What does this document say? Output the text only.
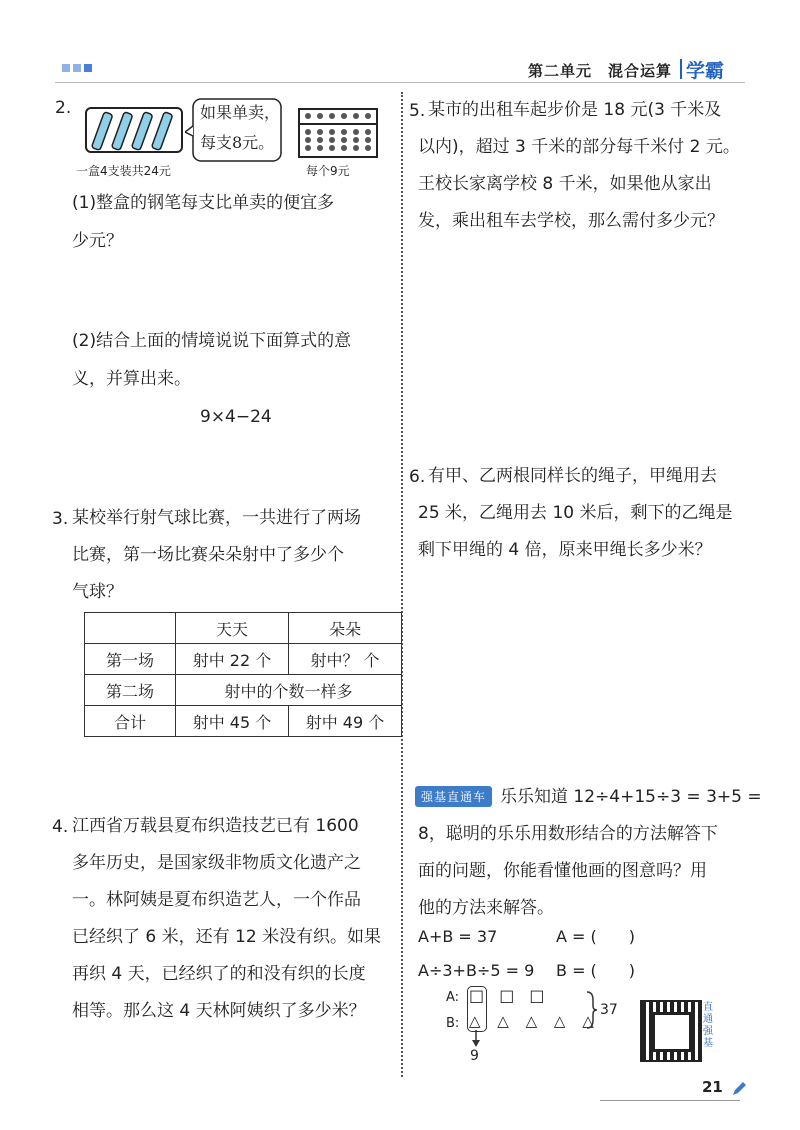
第二单元　混合运算 学霸
2.	如果单卖，
每支8元。
一盒4支装共24元	每个9元
(1)整盒的钢笔每支比单卖的便宜多
少元？
(2)结合上面的情境说说下面算式的意
义，并算出来。
9×4−24
3. 某校举行射气球比赛，一共进行了两场
比赛，第一场比赛朵朵射中了多少个
气球？
	天天	朵朵
第一场	射中 22 个	射中？ 个
第二场	射中的个数一样多	
合计	射中 45 个	射中 49 个
4. 江西省万载县夏布织造技艺已有 1600
多年历史，是国家级非物质文化遗产之
一。林阿姨是夏布织造艺人，一个作品
已经织了 6 米，还有 12 米没有织。如果
再织 4 天，已经织了的和没有织的长度
相等。那么这 4 天林阿姨织了多少米？
5. 某市的出租车起步价是 18 元(3 千米及
以内)，超过 3 千米的部分每千米付 2 元。
王校长家离学校 8 千米，如果他从家出
发，乘出租车去学校，那么需付多少元？
6. 有甲、乙两根同样长的绳子，甲绳用去
25 米，乙绳用去 10 米后，剩下的乙绳是
剩下甲绳的 4 倍，原来甲绳长多少米？
强基直通车 乐乐知道 12÷4+15÷3 = 3+5 =
8，聪明的乐乐用数形结合的方法解答下
面的问题，你能看懂他画的图意吗？用
他的方法来解答。
A+B = 37	A = (　　)
A÷3+B÷5 = 9 B = (　　)
A:
B:
□ □ □
△ △ △ △ △
37
9
直通强基
21
